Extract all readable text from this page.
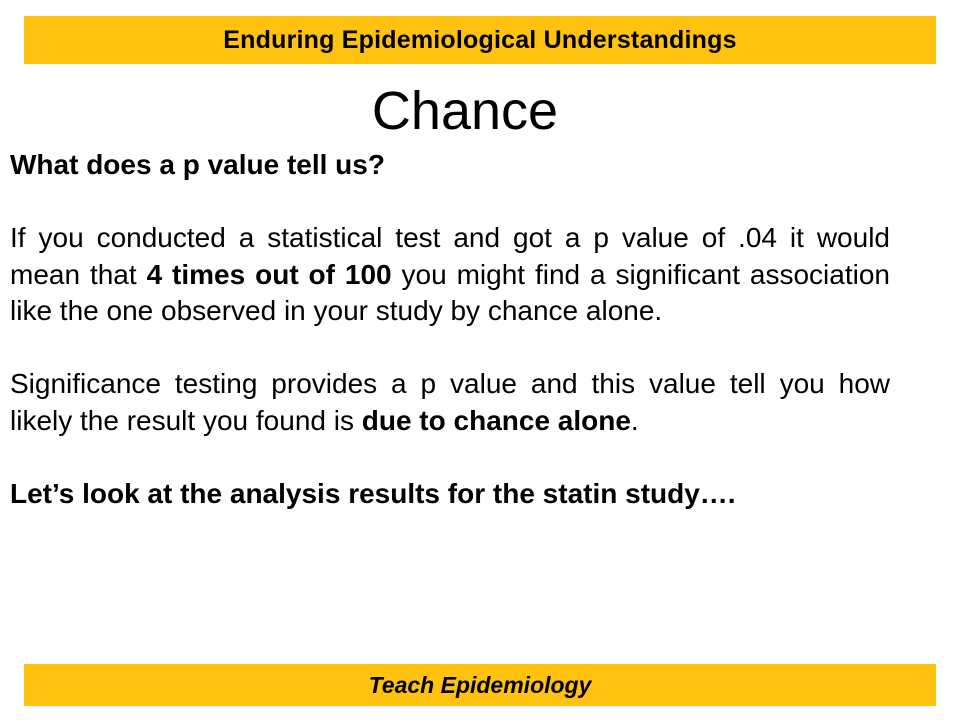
Enduring Epidemiological Understandings
Chance
Teach Epidemiology

What does a p value tell us?

If you conducted a statistical test and got a p value of .04 it would mean that 4 times out of 100 you might find a significant association like the one observed in your study by chance alone.

Significance testing provides a p value and this value tell you how likely the result you found is due to chance alone.

Let’s look at the analysis results for the statin study….
